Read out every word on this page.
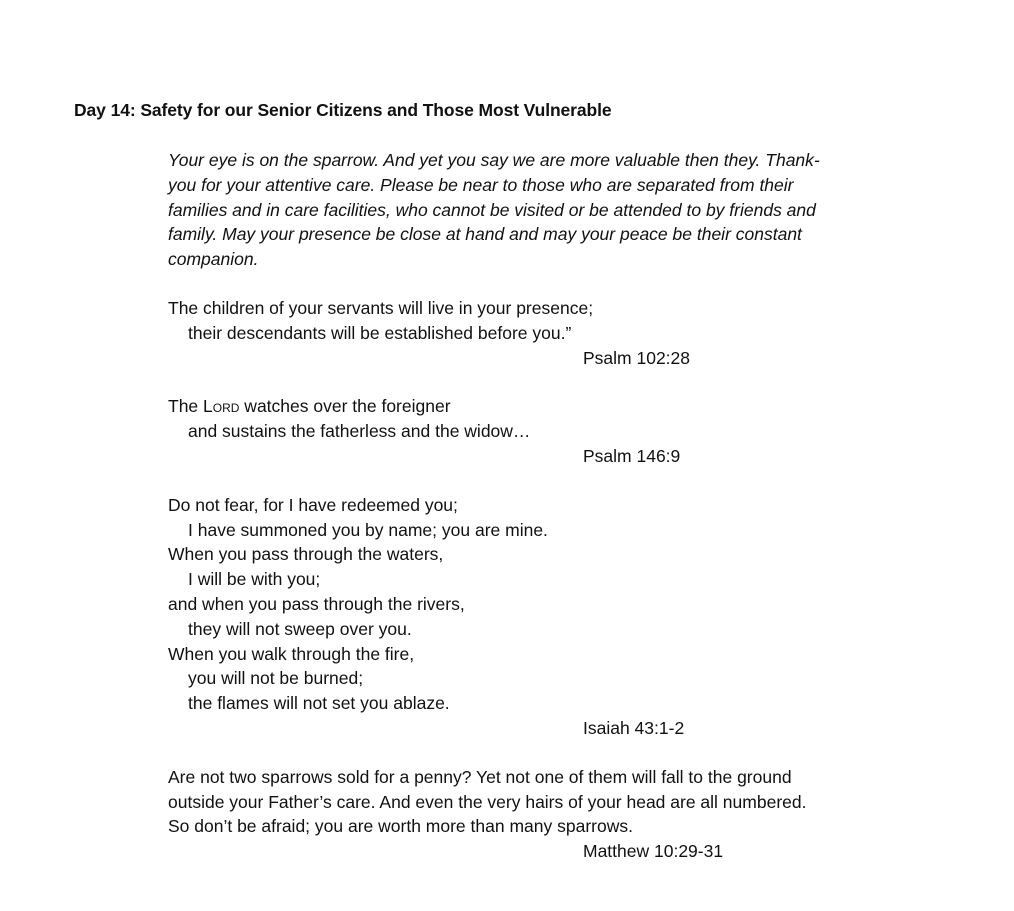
Day 14: Safety for our Senior Citizens and Those Most Vulnerable
Your eye is on the sparrow. And yet you say we are more valuable then they. Thank-
you for your attentive care. Please be near to those who are separated from their
families and in care facilities, who cannot be visited or be attended to by friends and
family. May your presence be close at hand and may your peace be their constant
companion.
The children of your servants will live in your presence;
their descendants will be established before you.”
Psalm 102:28
The Lord watches over the foreigner
and sustains the fatherless and the widow…
Psalm 146:9
Do not fear, for I have redeemed you;
I have summoned you by name; you are mine.
When you pass through the waters,
I will be with you;
and when you pass through the rivers,
they will not sweep over you.
When you walk through the fire,
you will not be burned;
the flames will not set you ablaze.
Isaiah 43:1-2
Are not two sparrows sold for a penny? Yet not one of them will fall to the ground
outside your Father’s care. And even the very hairs of your head are all numbered.
So don’t be afraid; you are worth more than many sparrows.
Matthew 10:29-31
